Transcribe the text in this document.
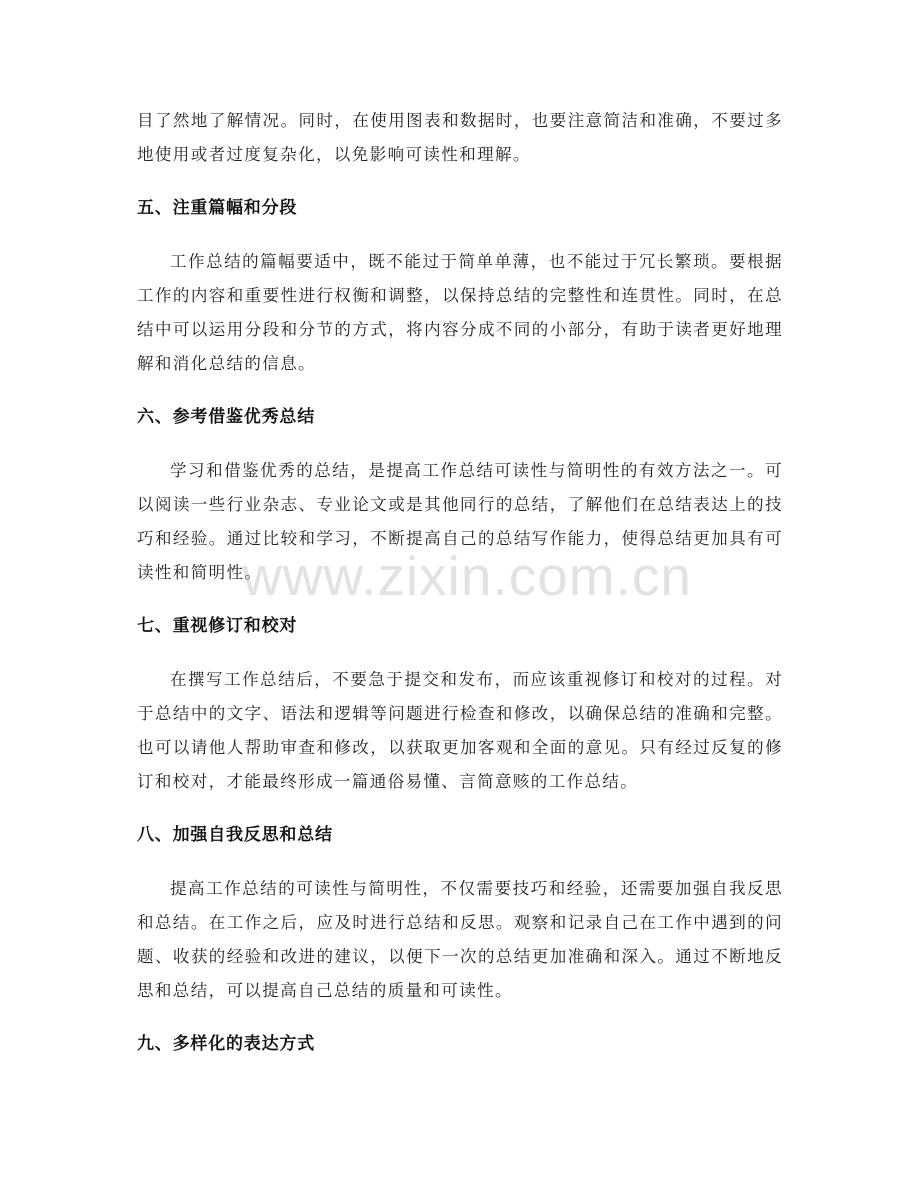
目了然地了解情况。同时，在使用图表和数据时，也要注意简洁和准确，不要过多地使用或者过度复杂化，以免影响可读性和理解。

五、注重篇幅和分段

工作总结的篇幅要适中，既不能过于简单单薄，也不能过于冗长繁琐。要根据工作的内容和重要性进行权衡和调整，以保持总结的完整性和连贯性。同时，在总结中可以运用分段和分节的方式，将内容分成不同的小部分，有助于读者更好地理解和消化总结的信息。

六、参考借鉴优秀总结

学习和借鉴优秀的总结，是提高工作总结可读性与简明性的有效方法之一。可以阅读一些行业杂志、专业论文或是其他同行的总结，了解他们在总结表达上的技巧和经验。通过比较和学习，不断提高自己的总结写作能力，使得总结更加具有可读性和简明性。

七、重视修订和校对

在撰写工作总结后，不要急于提交和发布，而应该重视修订和校对的过程。对于总结中的文字、语法和逻辑等问题进行检查和修改，以确保总结的准确和完整。也可以请他人帮助审查和修改，以获取更加客观和全面的意见。只有经过反复的修订和校对，才能最终形成一篇通俗易懂、言简意赅的工作总结。

八、加强自我反思和总结

提高工作总结的可读性与简明性，不仅需要技巧和经验，还需要加强自我反思和总结。在工作之后，应及时进行总结和反思。观察和记录自己在工作中遇到的问题、收获的经验和改进的建议，以便下一次的总结更加准确和深入。通过不断地反思和总结，可以提高自己总结的质量和可读性。

九、多样化的表达方式
www.zixin.com.cn
